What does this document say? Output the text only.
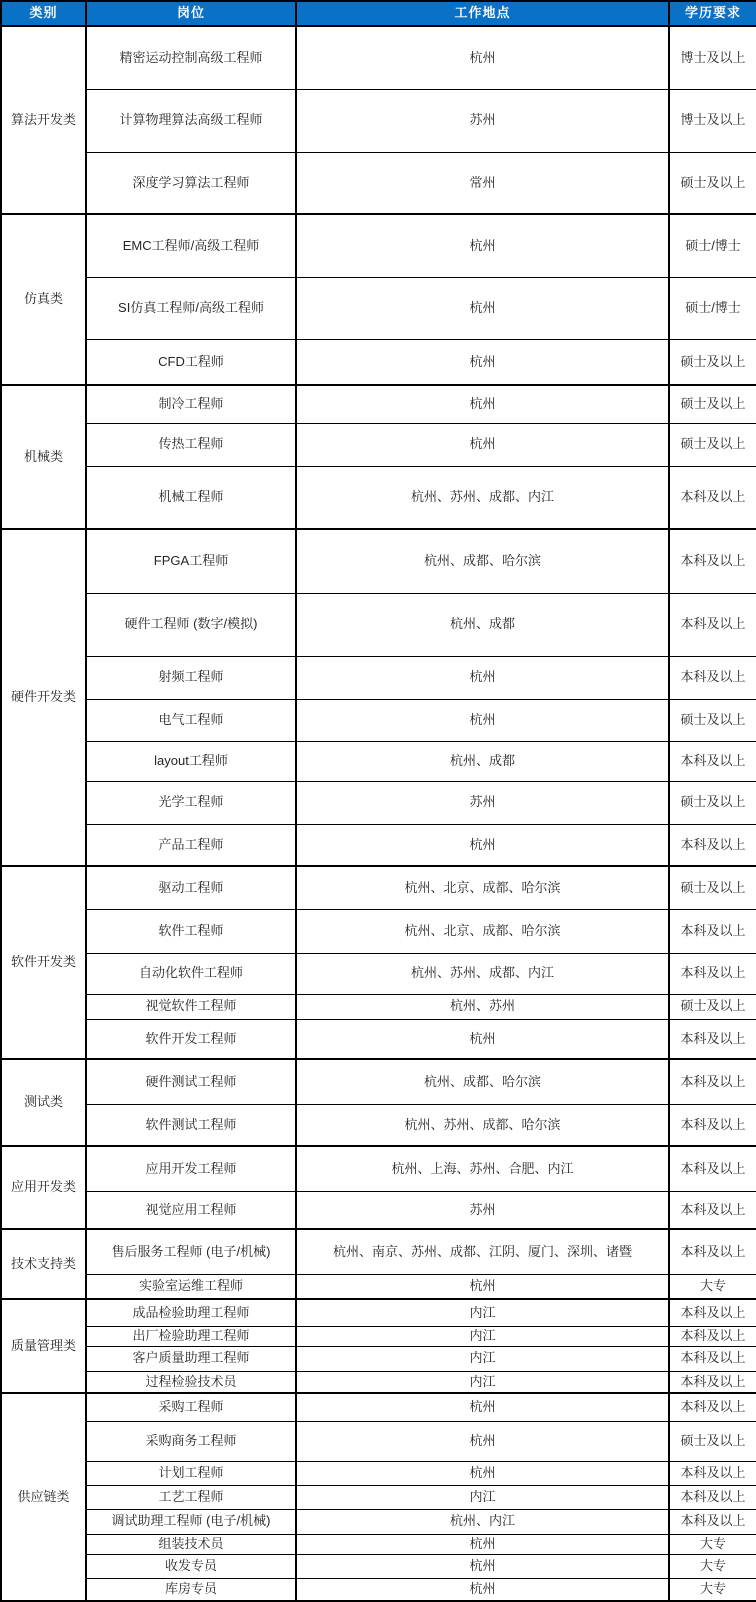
类别	岗位	工作地点	学历要求
算法开发类	精密运动控制高级工程师	杭州	博士及以上
	计算物理算法高级工程师	苏州	博士及以上
	深度学习算法工程师	常州	硕士及以上
仿真类	EMC工程师/高级工程师	杭州	硕士/博士
	SI仿真工程师/高级工程师	杭州	硕士/博士
	CFD工程师	杭州	硕士及以上
机械类	制冷工程师	杭州	硕士及以上
	传热工程师	杭州	硕士及以上
	机械工程师	杭州、苏州、成都、内江	本科及以上
硬件开发类	FPGA工程师	杭州、成都、哈尔滨	本科及以上
	硬件工程师 (数字/模拟)	杭州、成都	本科及以上
	射频工程师	杭州	本科及以上
	电气工程师	杭州	硕士及以上
	layout工程师	杭州、成都	本科及以上
	光学工程师	苏州	硕士及以上
	产品工程师	杭州	本科及以上
软件开发类	驱动工程师	杭州、北京、成都、哈尔滨	硕士及以上
	软件工程师	杭州、北京、成都、哈尔滨	本科及以上
	自动化软件工程师	杭州、苏州、成都、内江	本科及以上
	视觉软件工程师	杭州、苏州	硕士及以上
	软件开发工程师	杭州	本科及以上
测试类	硬件测试工程师	杭州、成都、哈尔滨	本科及以上
	软件测试工程师	杭州、苏州、成都、哈尔滨	本科及以上
应用开发类	应用开发工程师	杭州、上海、苏州、合肥、内江	本科及以上
	视觉应用工程师	苏州	本科及以上
技术支持类	售后服务工程师 (电子/机械)	杭州、南京、苏州、成都、江阴、厦门、深圳、诸暨	本科及以上
	实验室运维工程师	杭州	大专
质量管理类	成品检验助理工程师	内江	本科及以上
	出厂检验助理工程师	内江	本科及以上
	客户质量助理工程师	内江	本科及以上
	过程检验技术员	内江	本科及以上
供应链类	采购工程师	杭州	本科及以上
	采购商务工程师	杭州	硕士及以上
	计划工程师	杭州	本科及以上
	工艺工程师	内江	本科及以上
	调试助理工程师 (电子/机械)	杭州、内江	本科及以上
	组装技术员	杭州	大专
	收发专员	杭州	大专
	库房专员	杭州	大专
